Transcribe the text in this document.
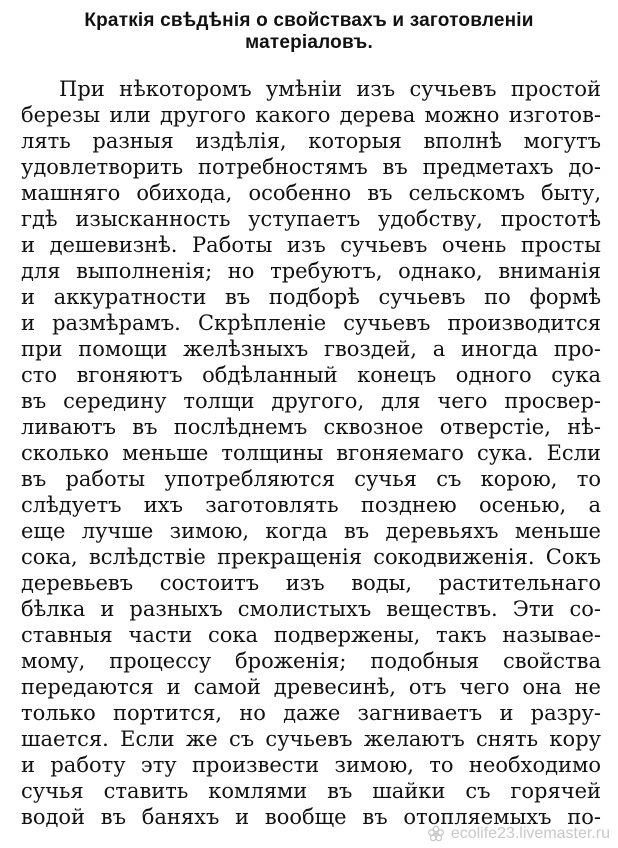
Краткія свѣдѣнія о свойствахъ и заготовленіи
матеріаловъ.
При нѣкоторомъ умѣніи изъ сучьевъ простой
березы или другого какого дерева можно изготов-
лять разныя издѣлія, которыя вполнѣ могутъ
удовлетворить потребностямъ въ предметахъ до-
машняго обихода, особенно въ сельскомъ быту,
гдѣ изысканность уступаетъ удобству, простотѣ
и дешевизнѣ. Работы изъ сучьевъ очень просты
для выполненія; но требуютъ, однако, вниманія
и аккуратности въ подборѣ сучьевъ по формѣ
и размѣрамъ. Скрѣпленіе сучьевъ производится
при помощи желѣзныхъ гвоздей, а иногда про-
сто вгоняютъ обдѣланный конецъ одного сука
въ середину толщи другого, для чего просвер-
ливаютъ въ послѣднемъ сквозное отверстіе, нѣ-
сколько меньше толщины вгоняемаго сука. Если
въ работы употребляются сучья съ корою, то
слѣдуетъ ихъ заготовлять позднею осенью, а
еще лучше зимою, когда въ деревьяхъ меньше
сока, вслѣдствіе прекращенія сокодвиженія. Сокъ
деревьевъ состоитъ изъ воды, растительнаго
бѣлка и разныхъ смолистыхъ веществъ. Эти со-
ставныя части сока подвержены, такъ называе-
мому, процессу броженія; подобныя свойства
передаются и самой древесинѣ, отъ чего она не
только портится, но даже загниваетъ и разру-
шается. Если же съ сучьевъ желаютъ снять кору
и работу эту произвести зимою, то необходимо
сучья ставить комлями въ шайки съ горячей
водой въ баняхъ и вообще въ отопляемыхъ по-
ecolife23.livemaster.ru
